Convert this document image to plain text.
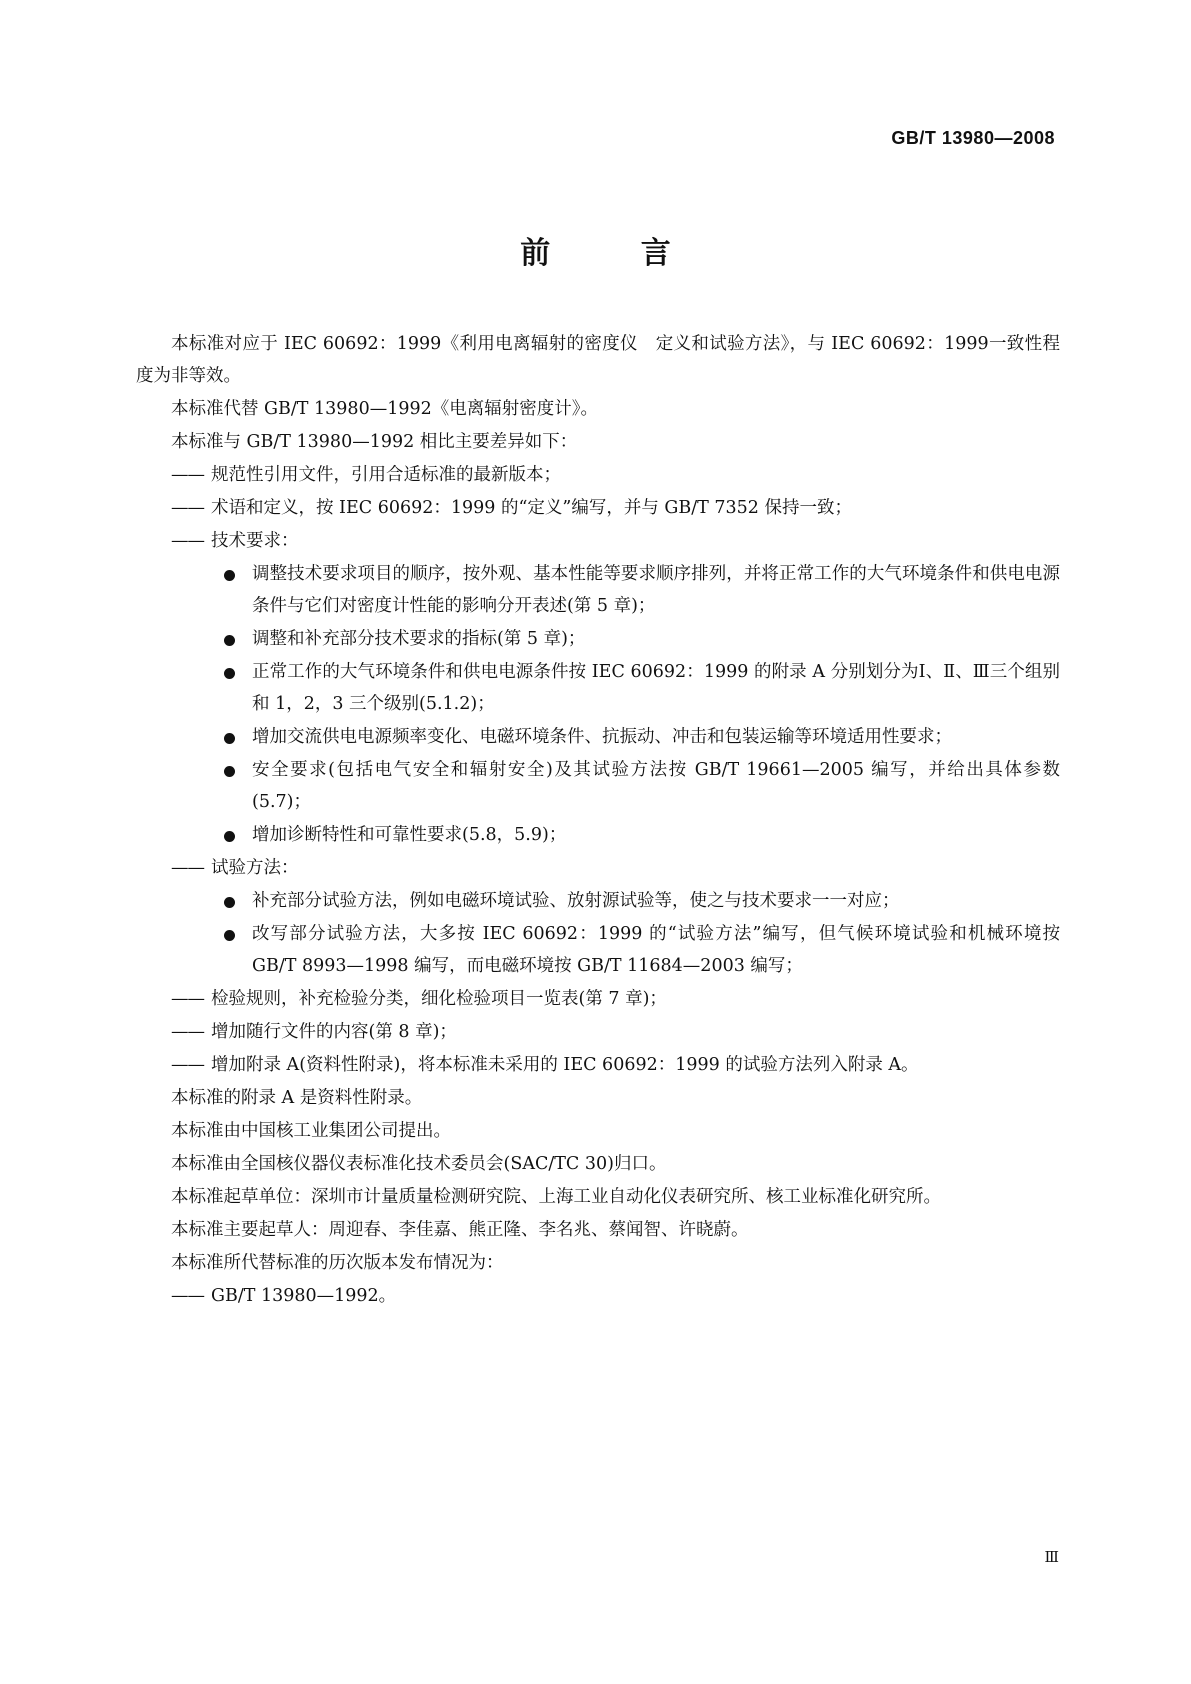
GB/T 13980—2008
前 言

本标准对应于 IEC 60692：1999《利用电离辐射的密度仪　定义和试验方法》，与 IEC 60692：1999一致性程度为非等效。

本标准代替 GB/T 13980—1992《电离辐射密度计》。

本标准与 GB/T 13980—1992 相比主要差异如下：

—— 规范性引用文件，引用合适标准的最新版本；

—— 术语和定义，按 IEC 60692：1999 的“定义”编写，并与 GB/T 7352 保持一致；

—— 技术要求：

调整技术要求项目的顺序，按外观、基本性能等要求顺序排列，并将正常工作的大气环境条件和供电电源条件与它们对密度计性能的影响分开表述(第 5 章)；

调整和补充部分技术要求的指标(第 5 章)；

正常工作的大气环境条件和供电电源条件按 IEC 60692：1999 的附录 A 分别划分为Ⅰ、Ⅱ、Ⅲ三个组别和 1，2，3 三个级别(5.1.2)；

增加交流供电电源频率变化、电磁环境条件、抗振动、冲击和包装运输等环境适用性要求；

安全要求(包括电气安全和辐射安全)及其试验方法按 GB/T 19661—2005 编写，并给出具体参数(5.7)；

增加诊断特性和可靠性要求(5.8，5.9)；

—— 试验方法：

补充部分试验方法，例如电磁环境试验、放射源试验等，使之与技术要求一一对应；

改写部分试验方法，大多按 IEC 60692：1999 的“试验方法”编写，但气候环境试验和机械环境按 GB/T 8993—1998 编写，而电磁环境按 GB/T 11684—2003 编写；

—— 检验规则，补充检验分类，细化检验项目一览表(第 7 章)；

—— 增加随行文件的内容(第 8 章)；

—— 增加附录 A(资料性附录)，将本标准未采用的 IEC 60692：1999 的试验方法列入附录 A。

本标准的附录 A 是资料性附录。

本标准由中国核工业集团公司提出。

本标准由全国核仪器仪表标准化技术委员会(SAC/TC 30)归口。

本标准起草单位：深圳市计量质量检测研究院、上海工业自动化仪表研究所、核工业标准化研究所。

本标准主要起草人：周迎春、李佳嘉、熊正隆、李名兆、蔡闻智、许晓蔚。

本标准所代替标准的历次版本发布情况为：

—— GB/T 13980—1992。

Ⅲ
